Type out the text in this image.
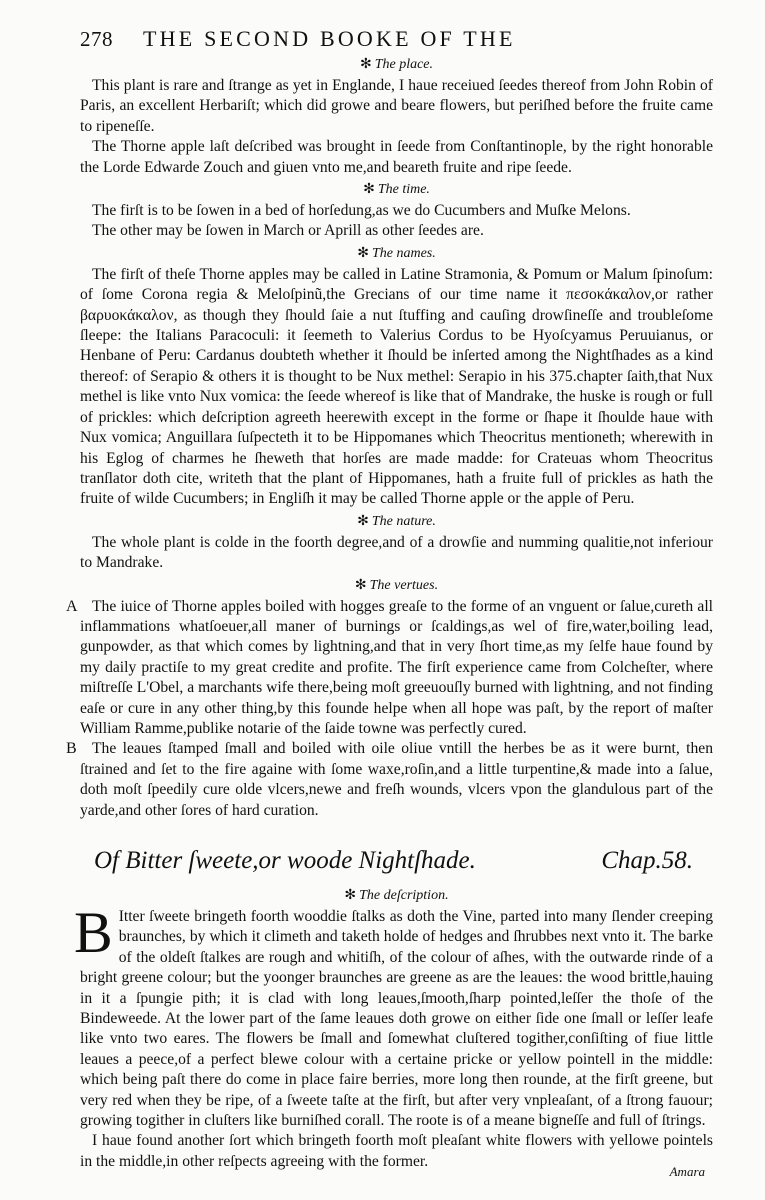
278 THE SECOND BOOKE OF THE
✻ The place.

This plant is rare and ſtrange as yet in Englande, I haue receiued ſeedes thereof from John Robin of Paris, an excellent Herbariſt; which did growe and beare flowers, but periſhed before the fruite came to ripeneſſe.

The Thorne apple laſt deſcribed was brought in ſeede from Conſtantinople, by the right honorable the Lorde Edwarde Zouch and giuen vnto me,and beareth fruite and ripe ſeede.

✻ The time.

The firſt is to be ſowen in a bed of horſedung,as we do Cucumbers and Muſke Melons.

The other may be ſowen in March or Aprill as other ſeedes are.

✻ The names.

The firſt of theſe Thorne apples may be called in Latine Stramonia, & Pomum or Malum ſpinoſum: of ſome Corona regia & Meloſpinũ,the Grecians of our time name it πεσοκάκαλον,or rather βαρυοκάκαλον, as though they ſhould ſaie a nut ſtuffing and cauſing drowſineſſe and troubleſome ſleepe: the Italians Paracoculi: it ſeemeth to Valerius Cordus to be Hyoſcyamus Peruuianus, or Henbane of Peru: Cardanus doubteth whether it ſhould be inſerted among the Nightſhades as a kind thereof: of Serapio & others it is thought to be Nux methel: Serapio in his 375.chapter ſaith,that Nux methel is like vnto Nux vomica: the ſeede whereof is like that of Mandrake, the huske is rough or full of prickles: which deſcription agreeth heerewith except in the forme or ſhape it ſhoulde haue with Nux vomica; Anguillara ſuſpecteth it to be Hippomanes which Theocritus mentioneth; wherewith in his Eglog of charmes he ſheweth that horſes are made madde: for Crateuas whom Theocritus tranſlator doth cite, writeth that the plant of Hippomanes, hath a fruite full of prickles as hath the fruite of wilde Cucumbers; in Engliſh it may be called Thorne apple or the apple of Peru.

✻ The nature.

The whole plant is colde in the foorth degree,and of a drowſie and numming qualitie,not inferiour to Mandrake.

✻ The vertues.

A The iuice of Thorne apples boiled with hogges greaſe to the forme of an vnguent or ſalue,cureth all inflammations whatſoeuer,all maner of burnings or ſcaldings,as wel of fire,water,boiling lead, gunpowder, as that which comes by lightning,and that in very ſhort time,as my ſelfe haue found by my daily practiſe to my great credite and profite. The firſt experience came from Colcheſter, where miſtreſſe L'Obel, a marchants wife there,being moſt greeuouſly burned with lightning, and not finding eaſe or cure in any other thing,by this founde helpe when all hope was paſt, by the report of maſter William Ramme,publike notarie of the ſaide towne was perfectly cured.

B The leaues ſtamped ſmall and boiled with oile oliue vntill the herbes be as it were burnt, then ſtrained and ſet to the fire againe with ſome waxe,roſin,and a little turpentine,& made into a ſalue, doth moſt ſpeedily cure olde vlcers,newe and freſh wounds, vlcers vpon the glandulous part of the yarde,and other ſores of hard curation.

Of Bitter ſweete,or woode Nightſhade.	Chap.58.
✻ The deſcription.

B Itter ſweete bringeth foorth wooddie ſtalks as doth the Vine, parted into many ſlender creeping braunches, by which it climeth and taketh holde of hedges and ſhrubbes next vnto it. The barke of the oldeſt ſtalkes are rough and whitiſh, of the colour of aſhes, with the outwarde rinde of a bright greene colour; but the yoonger braunches are greene as are the leaues: the wood brittle,hauing in it a ſpungie pith; it is clad with long leaues,ſmooth,ſharp pointed,leſſer the thoſe of the Bindeweede. At the lower part of the ſame leaues doth growe on either ſide one ſmall or leſſer leafe like vnto two eares. The flowers be ſmall and ſomewhat cluſtered togither,conſiſting of fiue little leaues a peece,of a perfect blewe colour with a certaine pricke or yellow pointell in the middle: which being paſt there do come in place faire berries, more long then rounde, at the firſt greene, but very red when they be ripe, of a ſweete taſte at the firſt, but after very vnpleaſant, of a ſtrong fauour; growing togither in cluſters like burniſhed corall. The roote is of a meane bigneſſe and full of ſtrings.

I haue found another ſort which bringeth foorth moſt pleaſant white flowers with yellowe pointels in the middle,in other reſpects agreeing with the former.

Amara
